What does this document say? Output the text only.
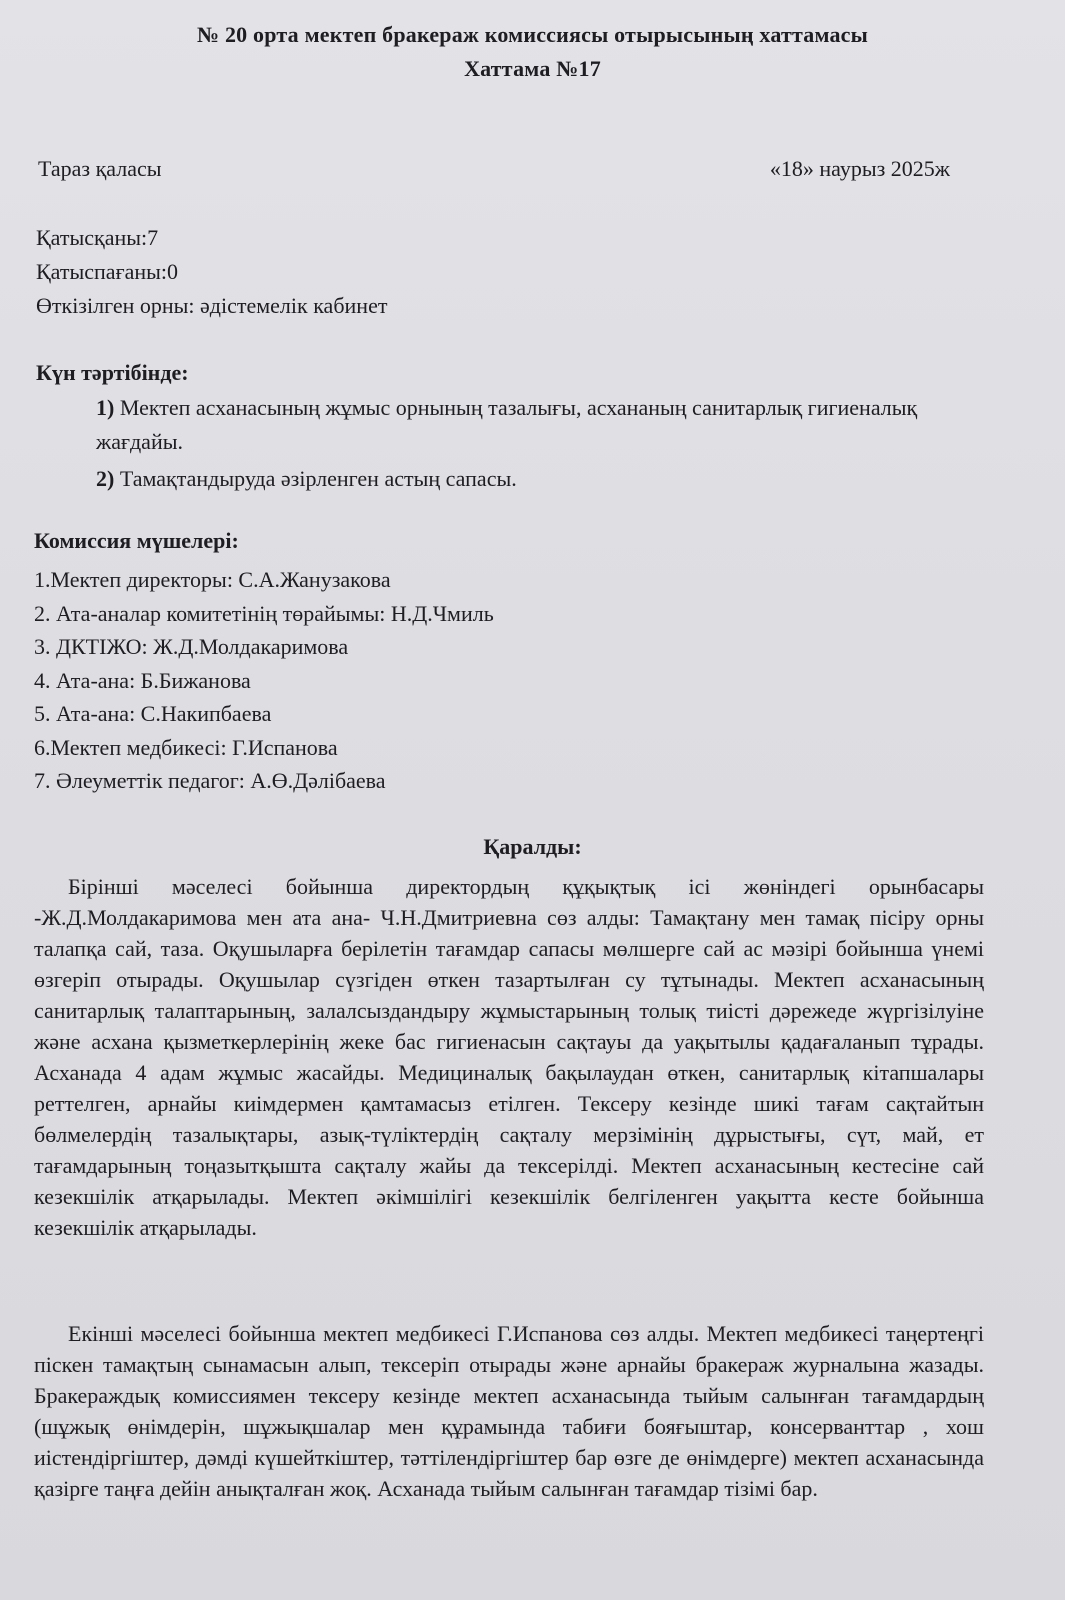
№ 20 орта мектеп бракераж комиссиясы отырысының хаттамасы
Хаттама №17
Тараз қаласы	«18» наурыз 2025ж
Қатысқаны:7
Қатыспағаны:0
Өткізілген орны: әдістемелік кабинет
Күн тәртібінде:
1) Мектеп асханасының жұмыс орнының тазалығы, асхананың санитарлық гигиеналық жағдайы.
2) Тамақтандыруда әзірленген астың сапасы.
Комиссия мүшелері:
1.Мектеп директоры: С.А.Жанузакова
2. Ата-аналар комитетінің төрайымы: Н.Д.Чмиль
3. ДКТІЖО: Ж.Д.Молдакаримова
4. Ата-ана: Б.Бижанова
5. Ата-ана: С.Накипбаева
6.Мектеп медбикесі: Г.Испанова
7. Әлеуметтік педагог: А.Ө.Дәлібаева
Қаралды:

Бірінші мәселесі бойынша директордың құқықтық ісі жөніндегі орынбасары -Ж.Д.Молдакаримова мен ата ана- Ч.Н.Дмитриевна сөз алды: Тамақтану мен тамақ пісіру орны талапқа сай, таза. Оқушыларға берілетін тағамдар сапасы мөлшерге сай ас мәзірі бойынша үнемі өзгеріп отырады. Оқушылар сүзгіден өткен тазартылған су тұтынады. Мектеп асханасының санитарлық талаптарының, залалсыздандыру жұмыстарының толық тиісті дәрежеде жүргізілуіне және асхана қызметкерлерінің жеке бас гигиенасын сақтауы да уақытылы қадағаланып тұрады. Асханада 4 адам жұмыс жасайды. Медициналық бақылаудан өткен, санитарлық кітапшалары реттелген, арнайы киімдермен қамтамасыз етілген. Тексеру кезінде шикі тағам сақтайтын бөлмелердің тазалықтары, азық-түліктердің сақталу мерзімінің дұрыстығы, сүт, май, ет тағамдарының тоңазытқышта сақталу жайы да тексерілді. Мектеп асханасының кестесіне сай кезекшілік атқарылады. Мектеп әкімшілігі кезекшілік белгіленген уақытта кесте бойынша кезекшілік атқарылады.

Екінші мәселесі бойынша мектеп медбикесі Г.Испанова сөз алды. Мектеп медбикесі таңертеңгі піскен тамақтың сынамасын алып, тексеріп отырады және арнайы бракераж журналына жазады. Бракераждық комиссиямен тексеру кезінде мектеп асханасында тыйым салынған тағамдардың (шұжық өнімдерін, шұжықшалар мен құрамында табиғи бояғыштар, консерванттар , хош иістендіргіштер, дәмді күшейткіштер, тәттілендіргіштер бар өзге де өнімдерге) мектеп асханасында қазірге таңға дейін анықталған жоқ. Асханада тыйым салынған тағамдар тізімі бар.
